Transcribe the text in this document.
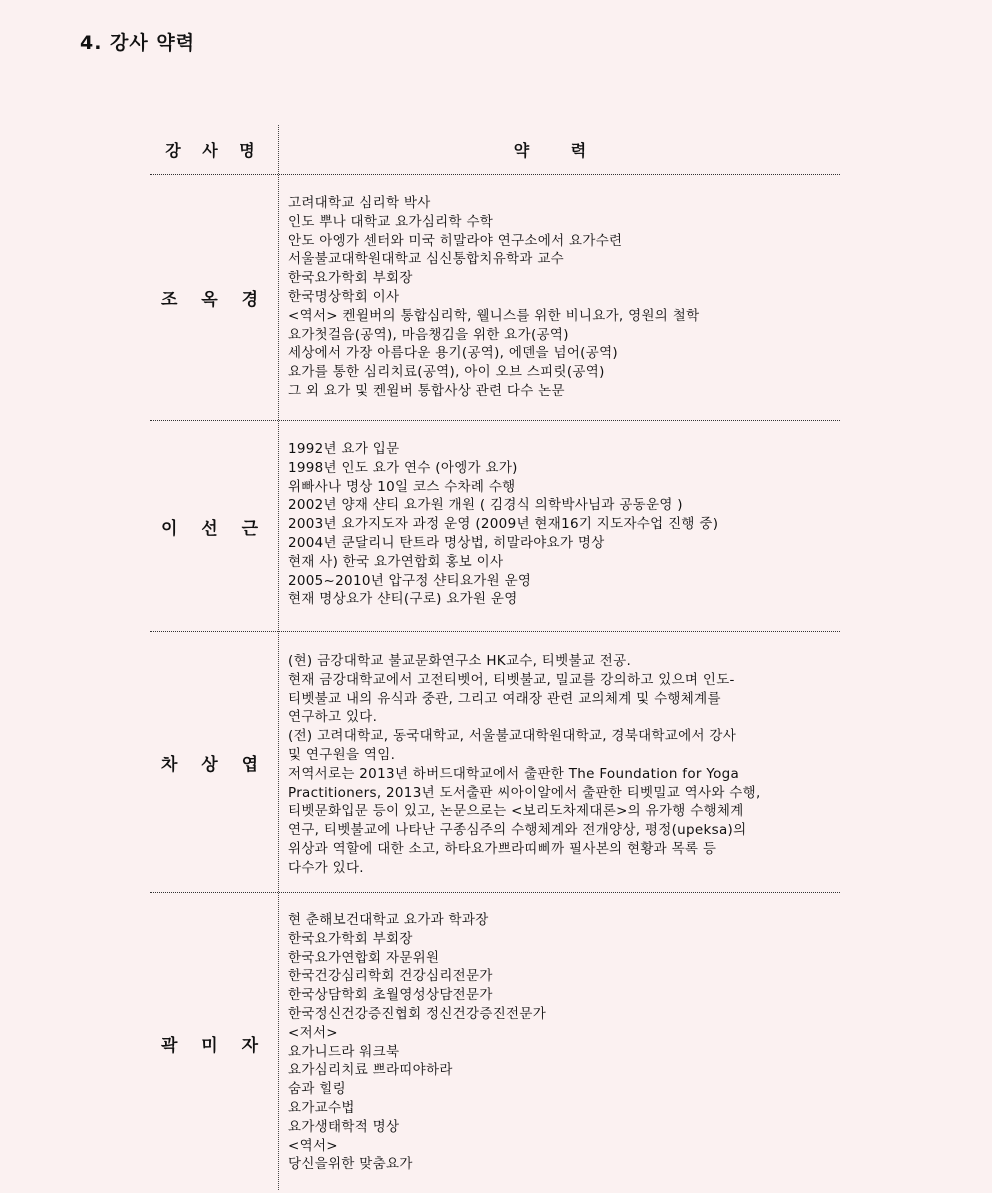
4. 강사 약력
강 사 명	약 력
조 옥 경
고려대학교 심리학 박사
인도 뿌나 대학교 요가심리학 수학
안도 아엥가 센터와 미국 히말라야 연구소에서 요가수련
서울불교대학원대학교 심신통합치유학과 교수
한국요가학회 부회장
한국명상학회 이사
<역서> 켄윌버의 통합심리학, 웰니스를 위한 비니요가, 영원의 철학
요가첫걸음(공역), 마음챙김을 위한 요가(공역)
세상에서 가장 아름다운 용기(공역), 에덴을 넘어(공역)
요가를 통한 심리치료(공역), 아이 오브 스피릿(공역)
그 외 요가 및 켄윌버 통합사상 관련 다수 논문
이 선 근
1992년 요가 입문
1998년 인도 요가 연수 (아엥가 요가)
위빠사나 명상 10일 코스 수차례 수행
2002년 양재 샨티 요가원 개원 ( 김경식 의학박사님과 공동운영 )
2003년 요가지도자 과정 운영 (2009년 현재16기 지도자수업 진행 중)
2004년 쿤달리니 탄트라 명상법, 히말라야요가 명상
현재 사) 한국 요가연합회 홍보 이사
2005~2010년 압구정 샨티요가원 운영
현재 명상요가 샨티(구로) 요가원 운영
차 상 엽
(현) 금강대학교 불교문화연구소 HK교수, 티벳불교 전공.
현재 금강대학교에서 고전티벳어, 티벳불교, 밀교를 강의하고 있으며 인도-
티벳불교 내의 유식과 중관, 그리고 여래장 관련 교의체계 및 수행체계를
연구하고 있다.
(전) 고려대학교, 동국대학교, 서울불교대학원대학교, 경북대학교에서 강사
및 연구원을 역임.
저역서로는 2013년 하버드대학교에서 출판한 The Foundation for Yoga
Practitioners, 2013년 도서출판 씨아이알에서 출판한 티벳밀교 역사와 수행,
티벳문화입문 등이 있고, 논문으로는 <보리도차제대론>의 유가행 수행체계
연구, 티벳불교에 나타난 구종심주의 수행체계와 전개양상, 평정(upeksa)의
위상과 역할에 대한 소고, 하타요가쁘라띠삐까 필사본의 현황과 목록 등
다수가 있다.
곽 미 자
현 춘해보건대학교 요가과 학과장
한국요가학회 부회장
한국요가연합회 자문위원
한국건강심리학회 건강심리전문가
한국상담학회 초월영성상담전문가
한국정신건강증진협회 정신건강증진전문가
<저서>
요가니드라 워크북
요가심리치료 쁘라띠야하라
숨과 힐링
요가교수법
요가생태학적 명상
<역서>
당신을위한 맞춤요가
